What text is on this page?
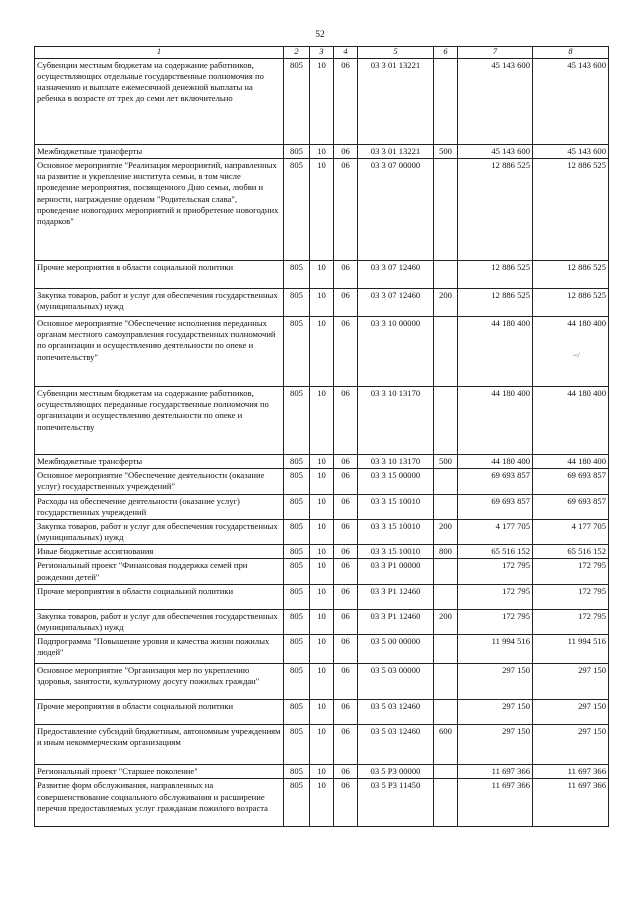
52
1	2	3	4	5	6	7	8
Субвенции местным бюджетам на содержание работников, осуществляющих отдельные государственные полномочия по назначению и выплате ежемесячной денежной выплаты на ребенка в возрасте от трех до семи лет включительно	805	10	06	03 3 01 13221		45 143 600	45 143 600
Межбюджетные трансферты	805	10	06	03 3 01 13221	500	45 143 600	45 143 600
Основное мероприятие "Реализация мероприятий, направленных на развитие и укрепление института семьи, в том числе проведение мероприятия, посвященного Дню семьи, любви и верности, награждение орденом "Родительская слава", проведение новогодних мероприятий и приобретение новогодних подарков"	805	10	06	03 3 07 00000		12 886 525	12 886 525
Прочие мероприятия в области социальной политики	805	10	06	03 3 07 12460		12 886 525	12 886 525
Закупка товаров, работ и услуг для обеспечения государственных (муниципальных) нужд	805	10	06	03 3 07 12460	200	12 886 525	12 886 525
Основное мероприятие "Обеспечение исполнения переданных органам местного самоуправления государственных полномочий по организации и осуществлению деятельности по опеке и попечительству"	805	10	06	03 3 10 00000		44 180 400	44 180 400
Субвенции местным бюджетам на содержание работников, осуществляющих переданные государственные полномочия по организации и осуществлению деятельности по опеке и попечительству	805	10	06	03 3 10 13170		44 180 400	44 180 400
Межбюджетные трансферты	805	10	06	03 3 10 13170	500	44 180 400	44 180 400
Основное мероприятие "Обеспечение деятельности (оказание услуг) государственных учреждений"	805	10	06	03 3 15 00000		69 693 857	69 693 857
Расходы на обеспечение деятельности (оказание услуг) государственных учреждений	805	10	06	03 3 15 10010		69 693 857	69 693 857
Закупка товаров, работ и услуг для обеспечения государственных (муниципальных) нужд	805	10	06	03 3 15 10010	200	4 177 705	4 177 705
Иные бюджетные ассигнования	805	10	06	03 3 15 10010	800	65 516 152	65 516 152
Региональный проект "Финансовая поддержка семей при рождении детей"	805	10	06	03 3 P1 00000		172 795	172 795
Прочие мероприятия в области социальной политики	805	10	06	03 3 P1 12460		172 795	172 795
Закупка товаров, работ и услуг для обеспечения государственных (муниципальных) нужд	805	10	06	03 3 P1 12460	200	172 795	172 795
Подпрограмма "Повышение уровня и качества жизни пожилых людей"	805	10	06	03 5 00 00000		11 994 516	11 994 516
Основное мероприятие "Организация мер по укреплению здоровья, занятости, культурному досугу пожилых граждан"	805	10	06	03 5 03 00000		297 150	297 150
Прочие мероприятия в области социальной политики	805	10	06	03 5 03 12460		297 150	297 150
Предоставление субсидий бюджетным, автономным учреждениям и иным некоммерческим организациям	805	10	06	03 5 03 12460	600	297 150	297 150
Региональный проект "Старшее поколение"	805	10	06	03 5 P3 00000		11 697 366	11 697 366
Развитие форм обслуживания, направленных на совершенствование социального обслуживания и расширение перечня предоставляемых услуг гражданам пожилого возраста	805	10	06	03 5 P3 11450		11 697 366	11 697 366
~/
